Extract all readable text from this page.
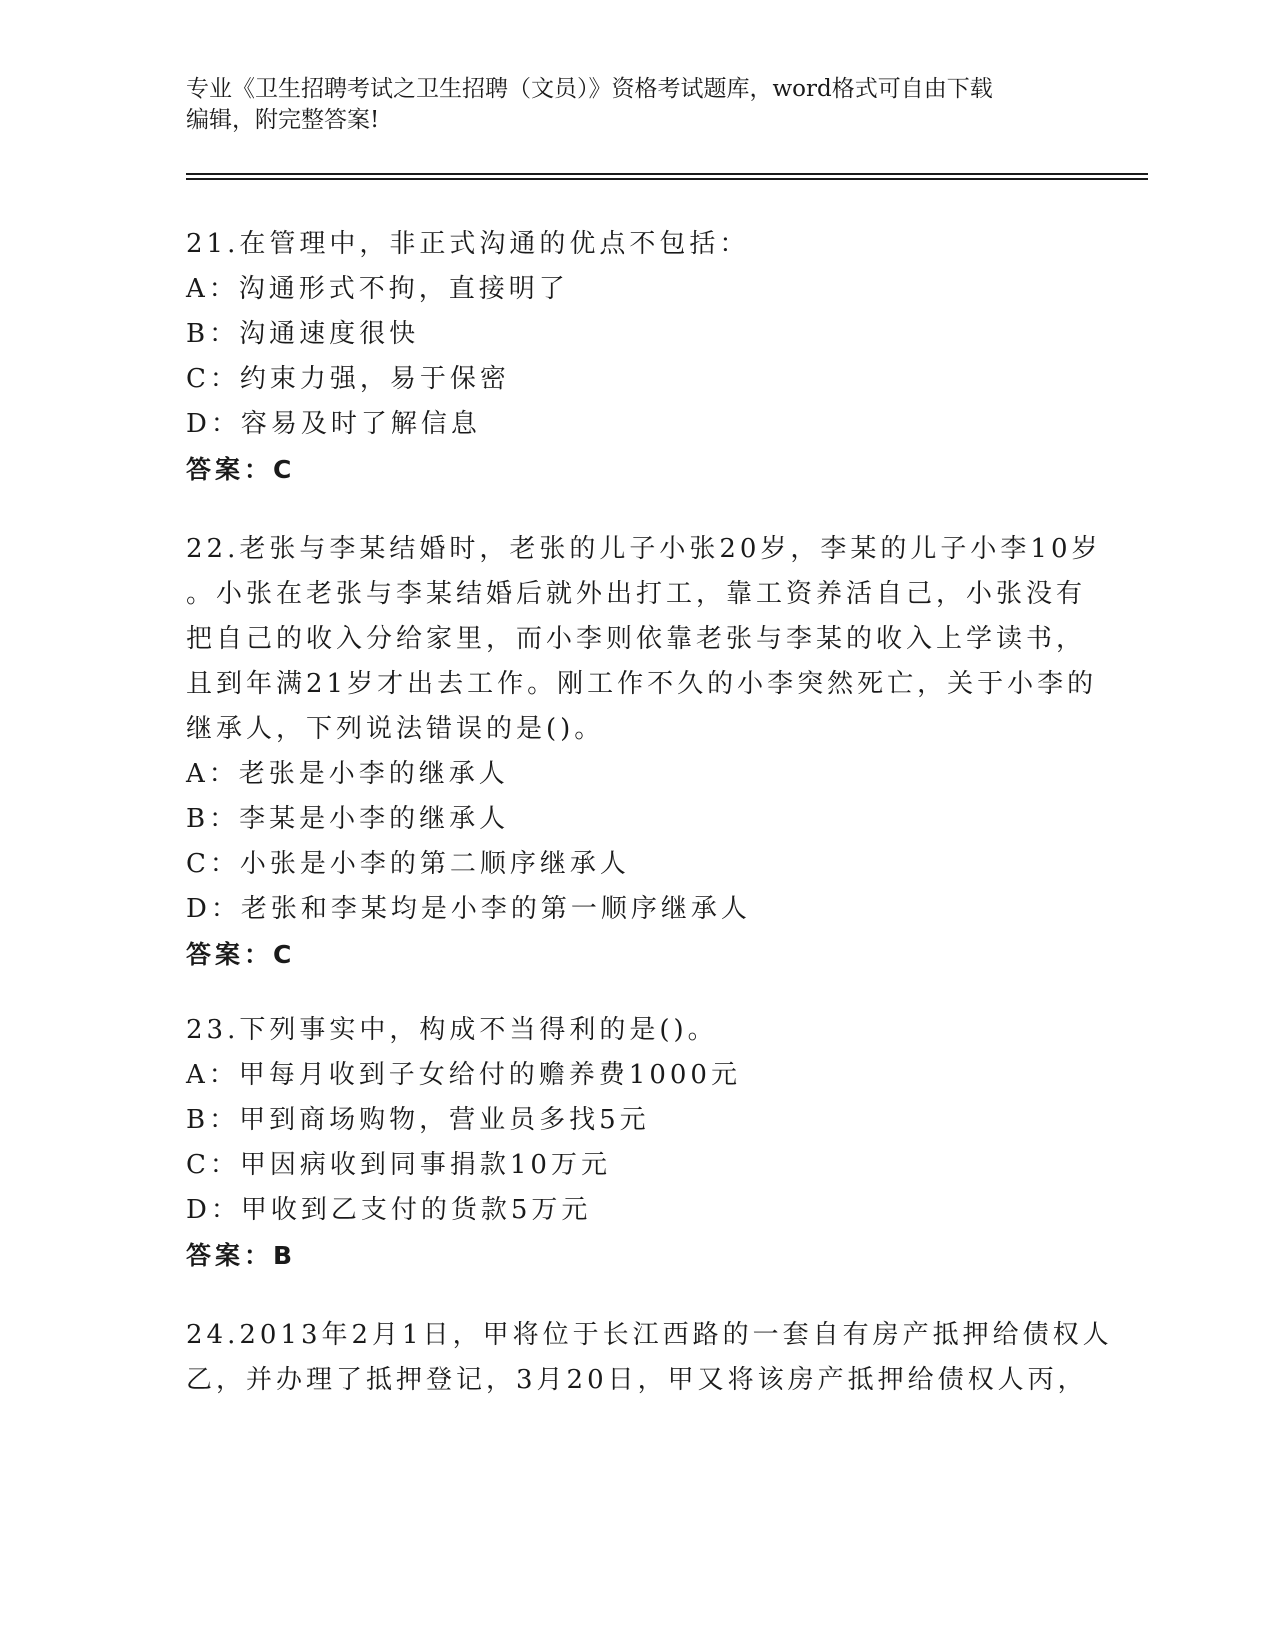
专业《卫生招聘考试之卫生招聘（文员）》资格考试题库，word格式可自由下载
编辑，附完整答案!
21.在管理中，非正式沟通的优点不包括：
A：沟通形式不拘，直接明了
B：沟通速度很快
C：约束力强，易于保密
D：容易及时了解信息
答案：C
22.老张与李某结婚时，老张的儿子小张20岁，李某的儿子小李10岁
。小张在老张与李某结婚后就外出打工，靠工资养活自己，小张没有
把自己的收入分给家里，而小李则依靠老张与李某的收入上学读书，
且到年满21岁才出去工作。刚工作不久的小李突然死亡，关于小李的
继承人，下列说法错误的是()。
A：老张是小李的继承人
B：李某是小李的继承人
C：小张是小李的第二顺序继承人
D：老张和李某均是小李的第一顺序继承人
答案：C
23.下列事实中，构成不当得利的是()。
A：甲每月收到子女给付的赡养费1000元
B：甲到商场购物，营业员多找5元
C：甲因病收到同事捐款10万元
D：甲收到乙支付的货款5万元
答案：B
24.2013年2月1日，甲将位于长江西路的一套自有房产抵押给债权人
乙，并办理了抵押登记，3月20日，甲又将该房产抵押给债权人丙，
